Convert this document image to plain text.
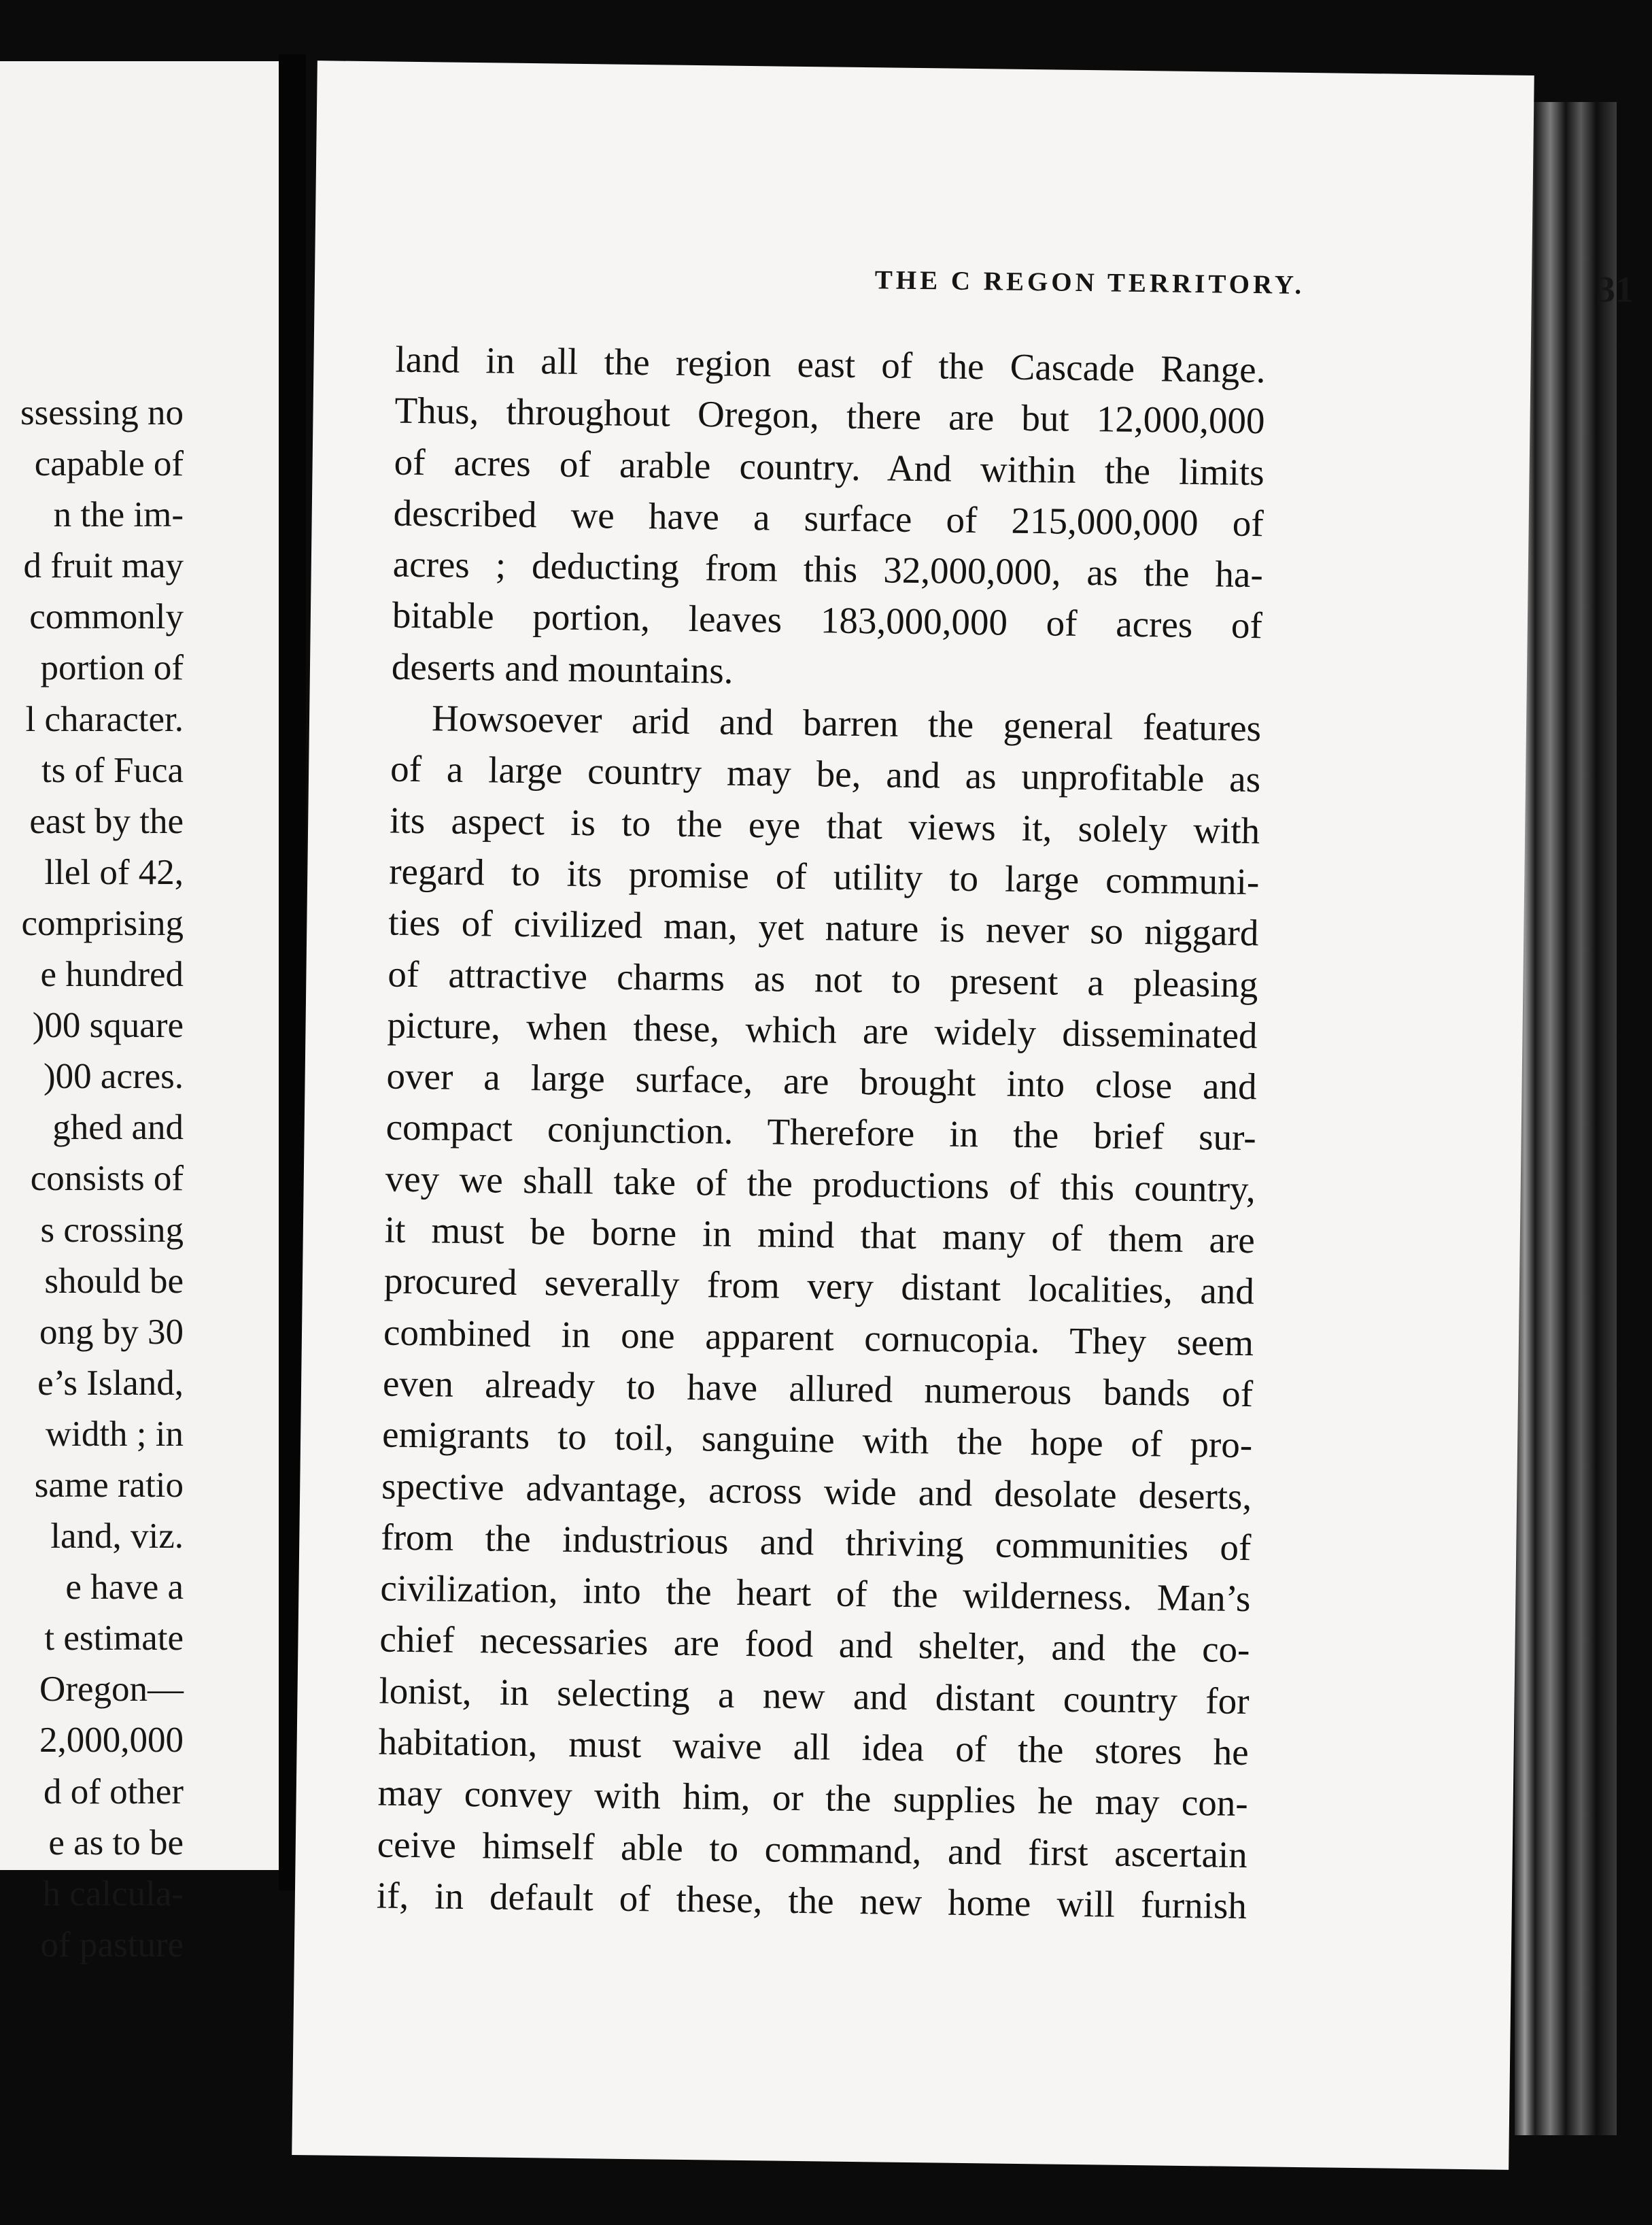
ssessing no
capable of
n the im-
d fruit may
commonly
portion of
l character.
ts of Fuca
east by the
llel of 42,
comprising
e hundred
)00 square
)00 acres.
ghed and
consists of
s crossing
should be
ong by 30
e’s Island,
width ; in
same ratio
land, viz.
e have a
t estimate
Oregon—
2,000,000
d of other
e as to be
h calcula-
of pasture
THE C REGON TERRITORY.	31
land in all the region east of the Cascade Range.
Thus, throughout Oregon, there are but 12,000,000
of acres of arable country. And within the limits
described we have a surface of 215,000,000 of
acres ; deducting from this 32,000,000, as the ha-
bitable portion, leaves 183,000,000 of acres of
deserts and mountains.
Howsoever arid and barren the general features
of a large country may be, and as unprofitable as
its aspect is to the eye that views it, solely with
regard to its promise of utility to large communi-
ties of civilized man, yet nature is never so niggard
of attractive charms as not to present a pleasing
picture, when these, which are widely disseminated
over a large surface, are brought into close and
compact conjunction. Therefore in the brief sur-
vey we shall take of the productions of this country,
it must be borne in mind that many of them are
procured severally from very distant localities, and
combined in one apparent cornucopia. They seem
even already to have allured numerous bands of
emigrants to toil, sanguine with the hope of pro-
spective advantage, across wide and desolate deserts,
from the industrious and thriving communities of
civilization, into the heart of the wilderness. Man’s
chief necessaries are food and shelter, and the co-
lonist, in selecting a new and distant country for
habitation, must waive all idea of the stores he
may convey with him, or the supplies he may con-
ceive himself able to command, and first ascertain
if, in default of these, the new home will furnish
